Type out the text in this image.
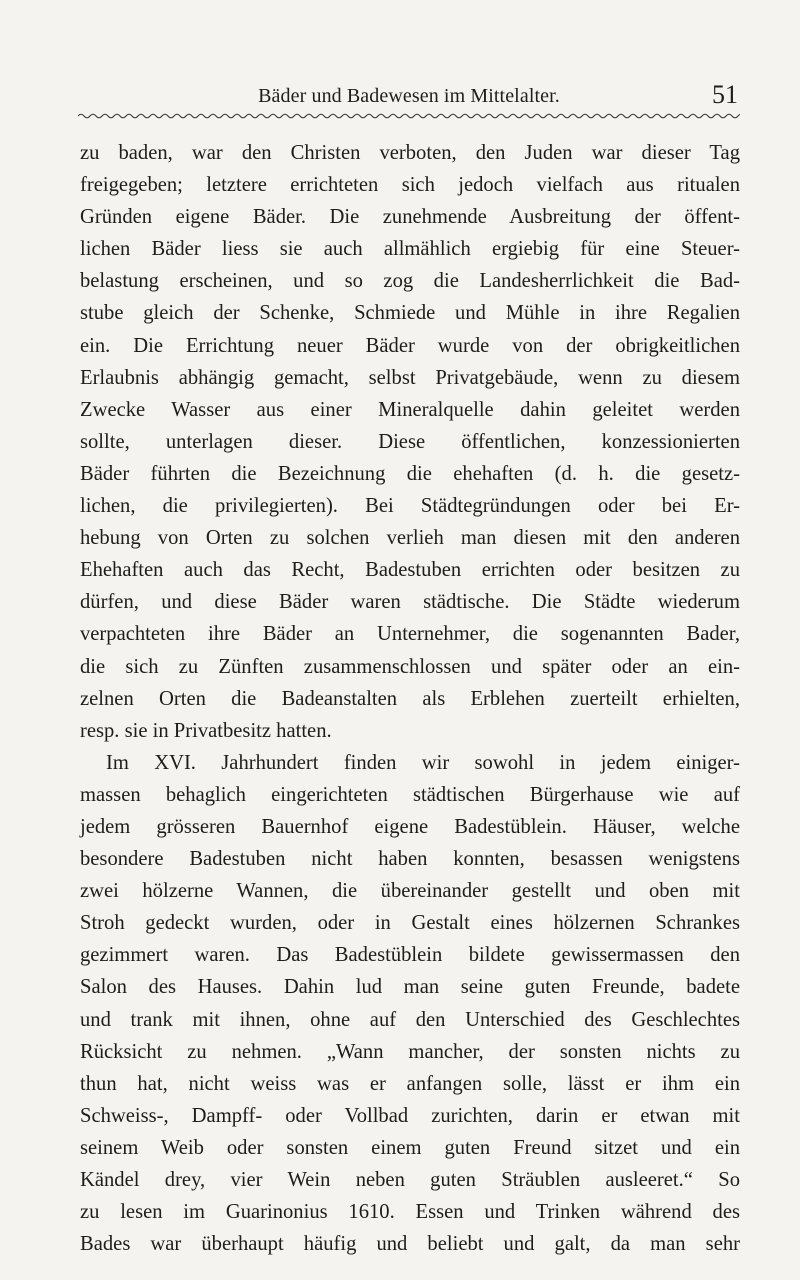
Bäder und Badewesen im Mittelalter.	51
zu baden, war den Christen verboten, den Juden war dieser Tag
freigegeben; letztere errichteten sich jedoch vielfach aus ritualen
Gründen eigene Bäder. Die zunehmende Ausbreitung der öffent-
lichen Bäder liess sie auch allmählich ergiebig für eine Steuer-
belastung erscheinen, und so zog die Landesherrlichkeit die Bad-
stube gleich der Schenke, Schmiede und Mühle in ihre Regalien
ein. Die Errichtung neuer Bäder wurde von der obrigkeitlichen
Erlaubnis abhängig gemacht, selbst Privatgebäude, wenn zu diesem
Zwecke Wasser aus einer Mineralquelle dahin geleitet werden
sollte, unterlagen dieser. Diese öffentlichen, konzessionierten
Bäder führten die Bezeichnung die ehehaften (d. h. die gesetz-
lichen, die privilegierten). Bei Städtegründungen oder bei Er-
hebung von Orten zu solchen verlieh man diesen mit den anderen
Ehehaften auch das Recht, Badestuben errichten oder besitzen zu
dürfen, und diese Bäder waren städtische. Die Städte wiederum
verpachteten ihre Bäder an Unternehmer, die sogenannten Bader,
die sich zu Zünften zusammenschlossen und später oder an ein-
zelnen Orten die Badeanstalten als Erblehen zuerteilt erhielten,
resp. sie in Privatbesitz hatten.
Im XVI. Jahrhundert finden wir sowohl in jedem einiger-
massen behaglich eingerichteten städtischen Bürgerhause wie auf
jedem grösseren Bauernhof eigene Badestüblein. Häuser, welche
besondere Badestuben nicht haben konnten, besassen wenigstens
zwei hölzerne Wannen, die übereinander gestellt und oben mit
Stroh gedeckt wurden, oder in Gestalt eines hölzernen Schrankes
gezimmert waren. Das Badestüblein bildete gewissermassen den
Salon des Hauses. Dahin lud man seine guten Freunde, badete
und trank mit ihnen, ohne auf den Unterschied des Geschlechtes
Rücksicht zu nehmen. „Wann mancher, der sonsten nichts zu
thun hat, nicht weiss was er anfangen solle, lässt er ihm ein
Schweiss-, Dampff- oder Vollbad zurichten, darin er etwan mit
seinem Weib oder sonsten einem guten Freund sitzet und ein
Kändel drey, vier Wein neben guten Sträublen ausleeret.“ So
zu lesen im Guarinonius 1610. Essen und Trinken während des
Bades war überhaupt häufig und beliebt und galt, da man sehr
